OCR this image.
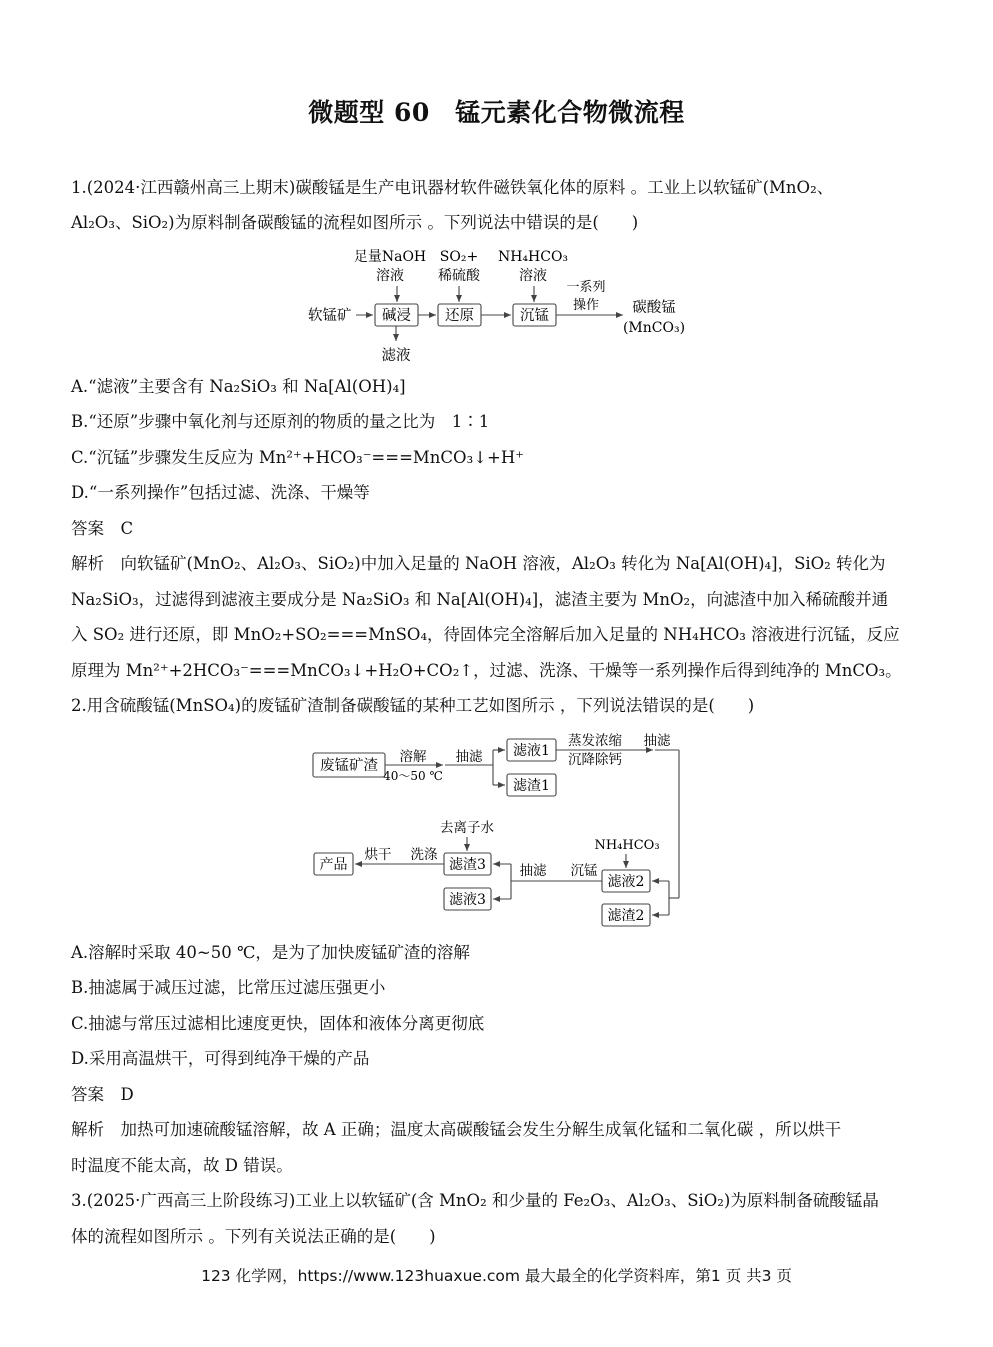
微题型 60　锰元素化合物微流程
1.(2024·江西赣州高三上期末)碳酸锰是生产电讯器材软件磁铁氧化体的原料 。工业上以软锰矿(MnO₂、
Al₂O₃、SiO₂)为原料制备碳酸锰的流程如图所示 。下列说法中错误的是(　　)
足量NaOH
溶液
SO₂+
稀硫酸
NH₄HCO₃
溶液
软锰矿 碱浸 还原	沉锰
一系列
操作 碳酸锰
(MnCO₃)
滤液
A.“滤液”主要含有 Na₂SiO₃ 和 Na[Al(OH)₄]
B.“还原”步骤中氧化剂与还原剂的物质的量之比为　1∶1
C.“沉锰”步骤发生反应为 Mn²⁺+HCO₃⁻===MnCO₃↓+H⁺
D.“一系列操作”包括过滤、洗涤、干燥等
答案　C
解析　向软锰矿(MnO₂、Al₂O₃、SiO₂)中加入足量的 NaOH 溶液，Al₂O₃ 转化为 Na[Al(OH)₄]，SiO₂ 转化为
Na₂SiO₃，过滤得到滤液主要成分是 Na₂SiO₃ 和 Na[Al(OH)₄]，滤渣主要为 MnO₂，向滤渣中加入稀硫酸并通
入 SO₂ 进行还原，即 MnO₂+SO₂===MnSO₄，待固体完全溶解后加入足量的 NH₄HCO₃ 溶液进行沉锰，反应
原理为 Mn²⁺+2HCO₃⁻===MnCO₃↓+H₂O+CO₂↑，过滤、洗涤、干燥等一系列操作后得到纯净的 MnCO₃。
2.用含硫酸锰(MnSO₄)的废锰矿渣制备碳酸锰的某种工艺如图所示 ，下列说法错误的是(　　)
废锰矿渣
溶解
40～50 ℃
抽滤 滤液1
滤渣1
蒸发浓缩
沉降除钙
抽滤
NH₄HCO₃
滤液2
滤渣2
沉锰
抽滤
滤渣3
滤液3
去离子水
洗涤
烘干
产品
A.溶解时采取 40~50 ℃，是为了加快废锰矿渣的溶解
B.抽滤属于减压过滤，比常压过滤压强更小
C.抽滤与常压过滤相比速度更快，固体和液体分离更彻底
D.采用高温烘干，可得到纯净干燥的产品
答案　D
解析　加热可加速硫酸锰溶解，故 A 正确；温度太高碳酸锰会发生分解生成氧化锰和二氧化碳 ，所以烘干
时温度不能太高，故 D 错误。
3.(2025·广西高三上阶段练习)工业上以软锰矿(含 MnO₂ 和少量的 Fe₂O₃、Al₂O₃、SiO₂)为原料制备硫酸锰晶
体的流程如图所示 。下列有关说法正确的是(　　)
123 化学网，https://www.123huaxue.com 最大最全的化学资料库，第1 页 共3 页
